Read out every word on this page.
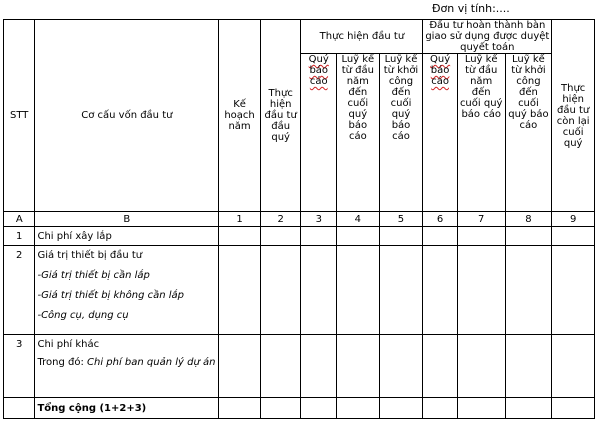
Đơn vị tính:....
STT	Cơ cấu vốn đầu tư	Kế hoạch năm	Thực hiện đầu tư đầu quý	Thực hiện đầu tư			Đầu tư hoàn thành bàn giao sử dụng được duyệt quyết toán			Thực hiện đầu tư còn lại cuối quý
				Quý báo cáo	Luỹ kế từ đầu năm đến cuối quý báo cáo	Luỹ kế từ khởi công đến cuối quý báo cáo	Quý báo cáo	Luỹ kế từ đầu năm đến cuối quý báo cáo	Luỹ kế từ khởi công đến cuối quý báo cáo	
A	B	1	2	3	4	5	6	7	8	9
1	Chi phí xây lắp									
2	Giá trị thiết bị đầu tư
-Giá trị thiết bị cần lắp
-Giá trị thiết bị không cần lắp
-Công cụ, dụng cụ									

3	Chi phí khác
Trong đó: Chi phí ban quản lý dự án									
	Tổng cộng (1+2+3)									
